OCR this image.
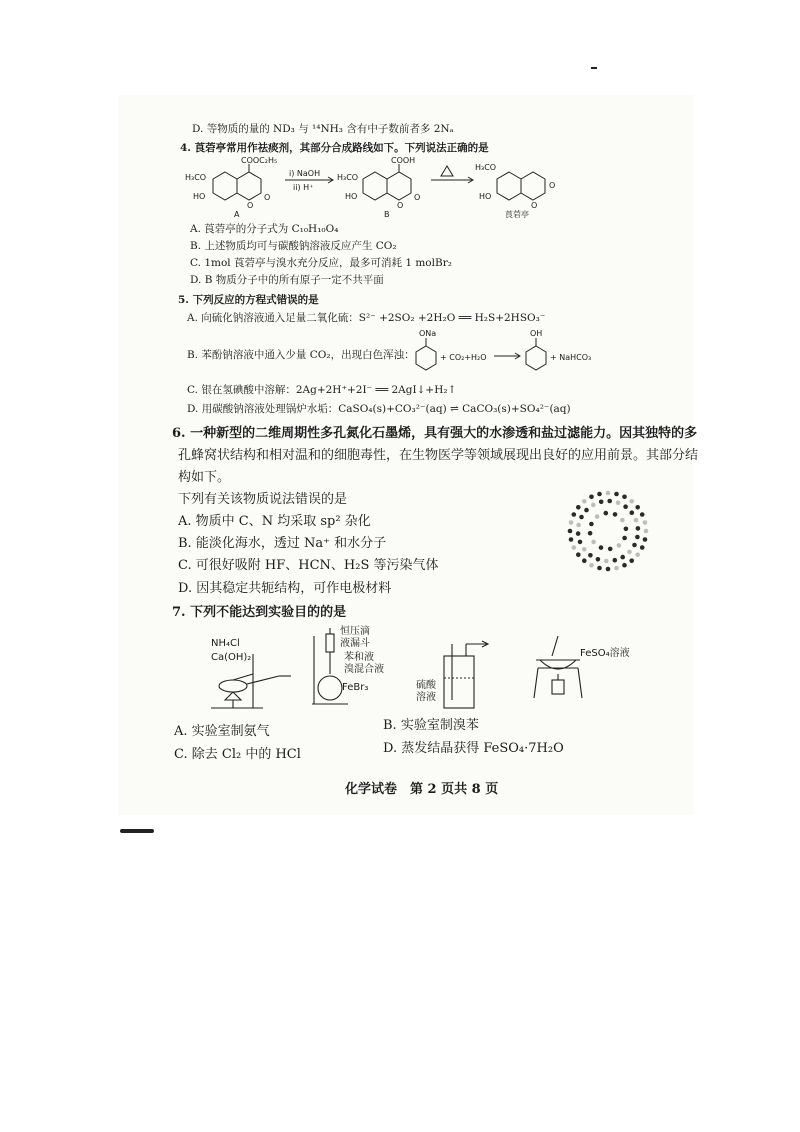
D. 等物质的量的 ND₃ 与 ¹⁴NH₃ 含有中子数前者多 2Nₐ
4. 莨菪亭常用作祛痰剂，其部分合成路线如下。下列说法正确的是
COOC₂H₅
H₃CO
HO
O
O
A
i) NaOH
ii) H⁺
COOH
H₃CO
HO
O
O
B
H₃CO
HO
O
O
莨菪亭
A. 莨菪亭的分子式为 C₁₀H₁₀O₄
B. 上述物质均可与碳酸钠溶液反应产生 CO₂
C. 1mol 莨菪亭与溴水充分反应，最多可消耗 1 molBr₂
D. B 物质分子中的所有原子一定不共平面
5. 下列反应的方程式错误的是
A. 向硫化钠溶液通入足量二氧化硫：S²⁻ +2SO₂ +2H₂O ══ H₂S+2HSO₃⁻
B. 苯酚钠溶液中通入少量 CO₂，出现白色浑浊：
ONa
+ CO₂+H₂O
OH
+ NaHCO₃
C. 银在氢碘酸中溶解：2Ag+2H⁺+2I⁻ ══ 2AgI↓+H₂↑
D. 用碳酸钠溶液处理锅炉水垢：CaSO₄(s)+CO₃²⁻(aq) ⇌ CaCO₃(s)+SO₄²⁻(aq)
6. 一种新型的二维周期性多孔氮化石墨烯，具有强大的水渗透和盐过滤能力。因其独特的多
孔蜂窝状结构和相对温和的细胞毒性，在生物医学等领域展现出良好的应用前景。其部分结
构如下。
下列有关该物质说法错误的是
A. 物质中 C、N 均采取 sp² 杂化
B. 能淡化海水，透过 Na⁺ 和水分子
C. 可很好吸附 HF、HCN、H₂S 等污染气体
D. 因其稳定共轭结构，可作电极材料
7. 下列不能达到实验目的的是
NH₄Cl
Ca(OH)₂
恒压滴
液漏斗
苯和液
溴混合液
FeBr₃	硫酸
溶液
FeSO₄溶液
A. 实验室制氨气	B. 实验室制溴苯
C. 除去 Cl₂ 中的 HCl	D. 蒸发结晶获得 FeSO₄·7H₂O
化学试卷　第 2 页共 8 页
